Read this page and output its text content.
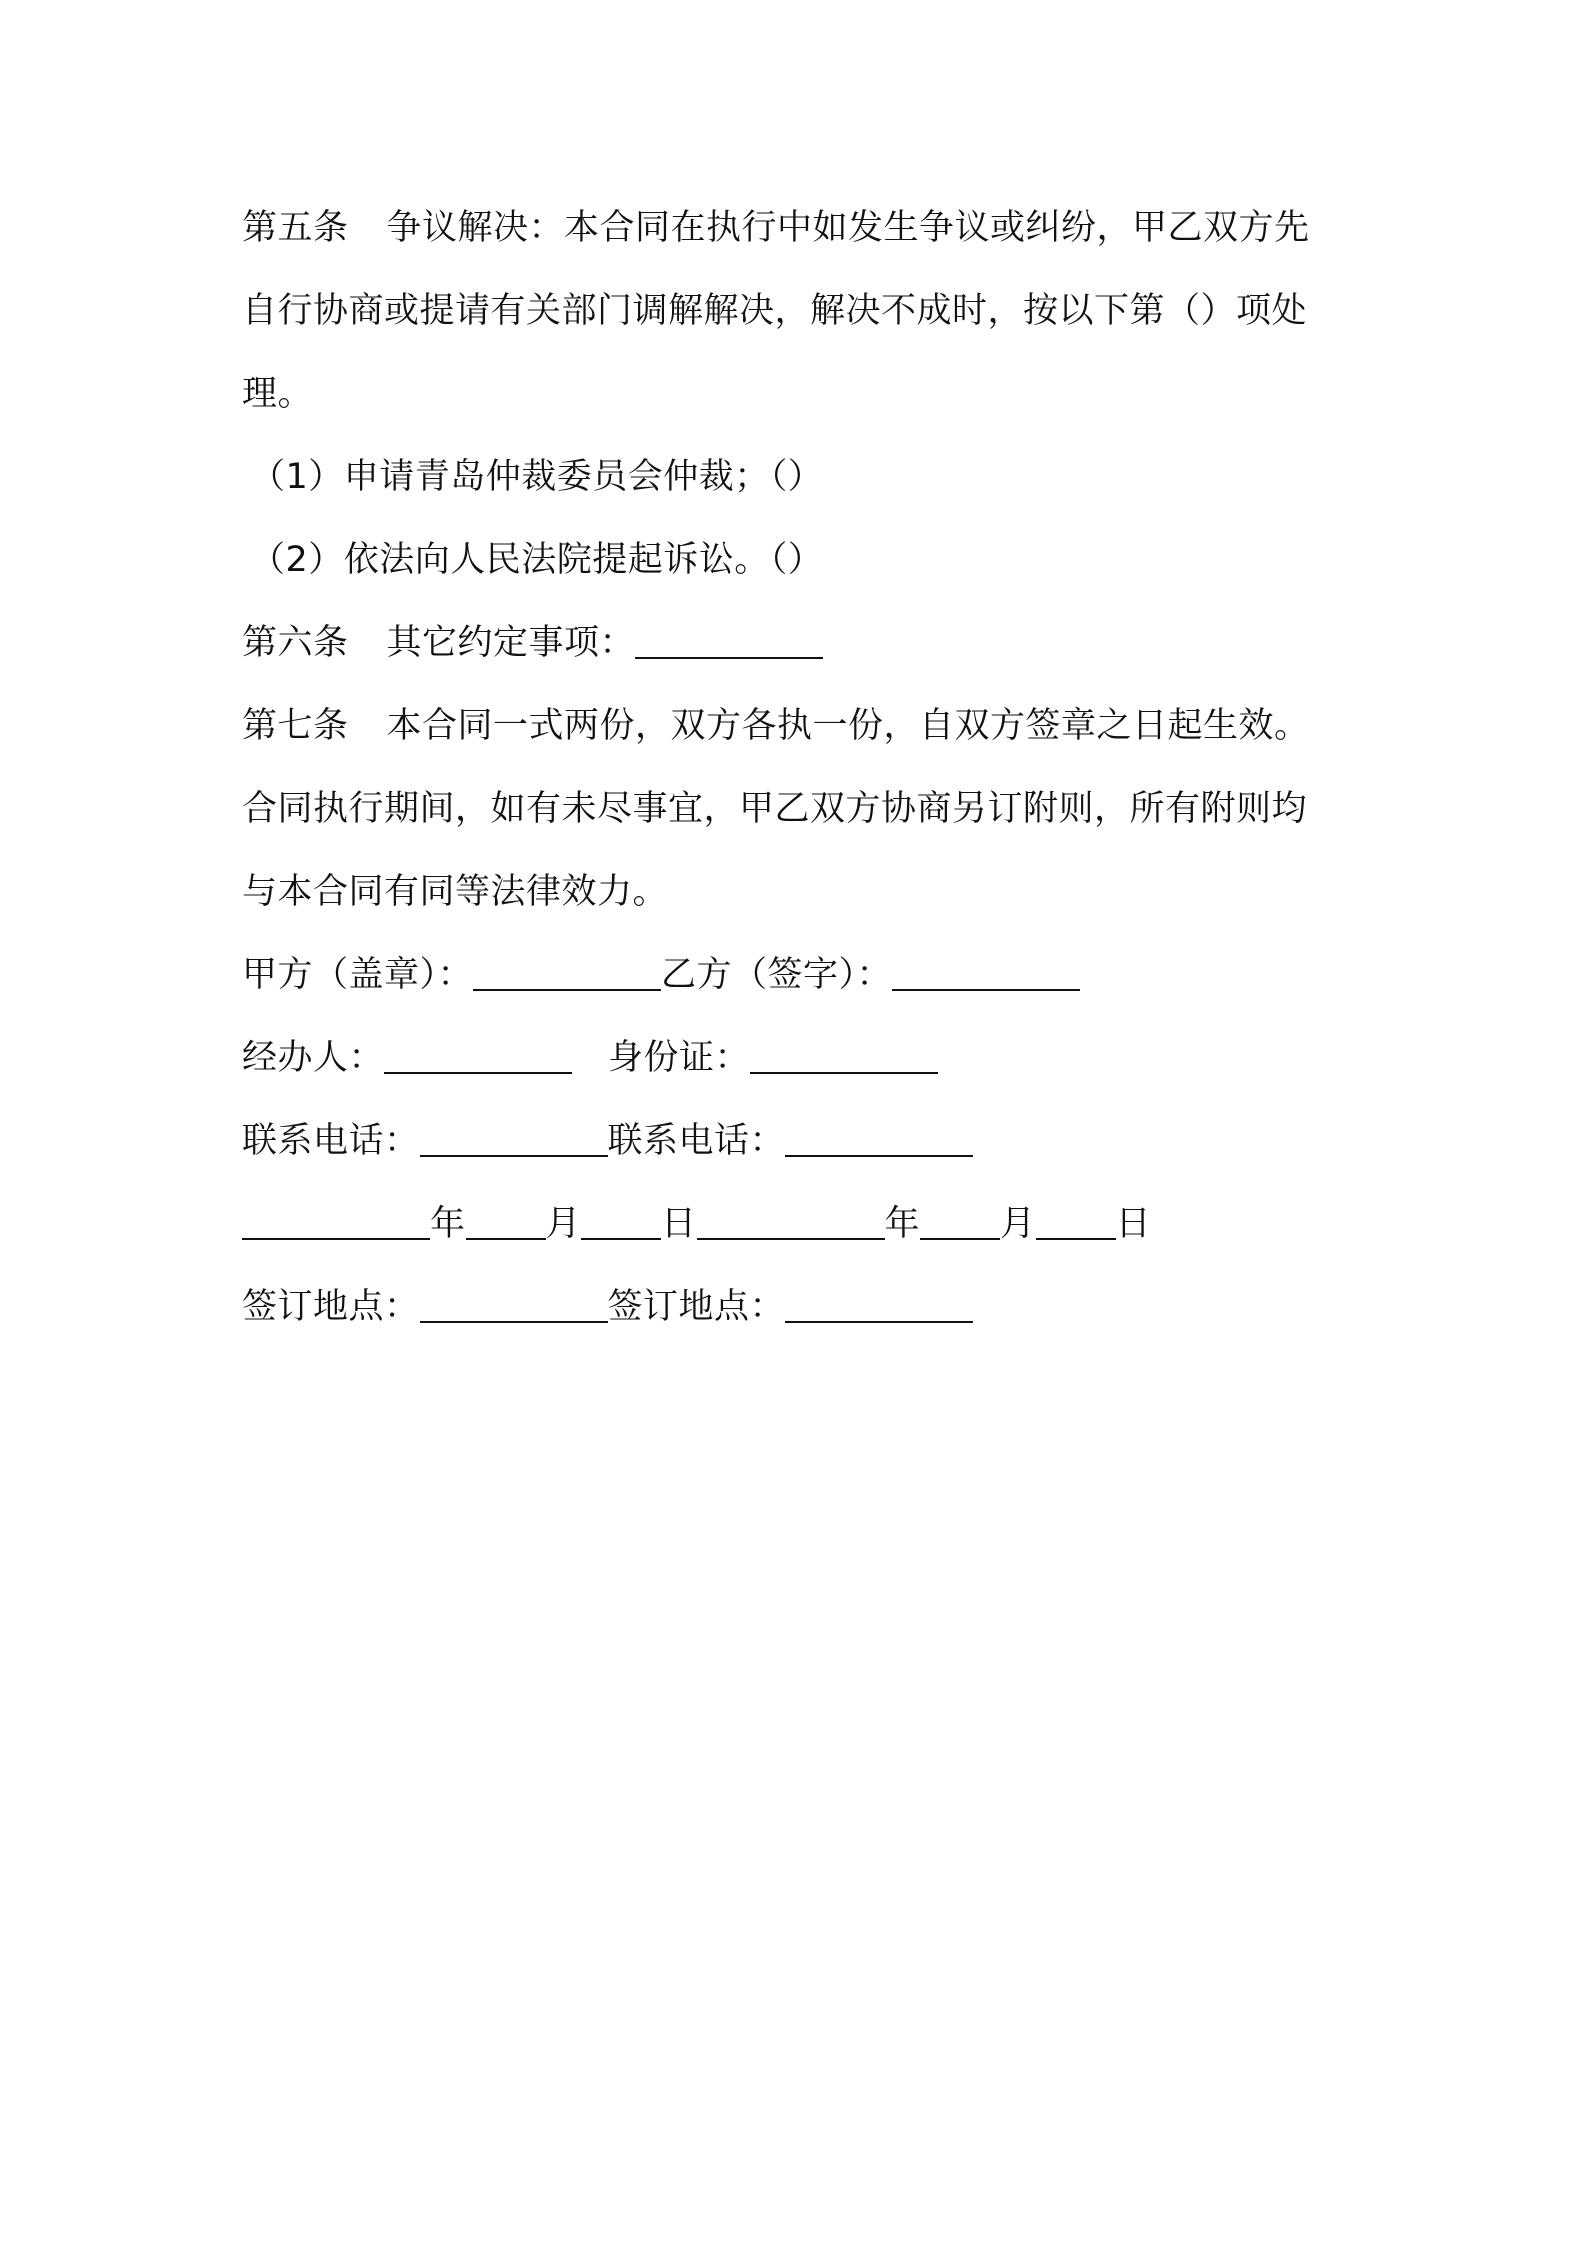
第五条 争议解决：本合同在执行中如发生争议或纠纷，甲乙双方先
自行协商或提请有关部门调解解决，解决不成时，按以下第（）项处
理。
（1）申请青岛仲裁委员会仲裁；（）
（2）依法向人民法院提起诉讼。（）
第六条 其它约定事项：
第七条 本合同一式两份，双方各执一份，自双方签章之日起生效。
合同执行期间，如有未尽事宜，甲乙双方协商另订附则，所有附则均
与本合同有同等法律效力。
甲方（盖章）：	乙方（签字）：
经办人：	身份证：
联系电话：	联系电话：
年 月 日	年 月 日
签订地点：	签订地点：
